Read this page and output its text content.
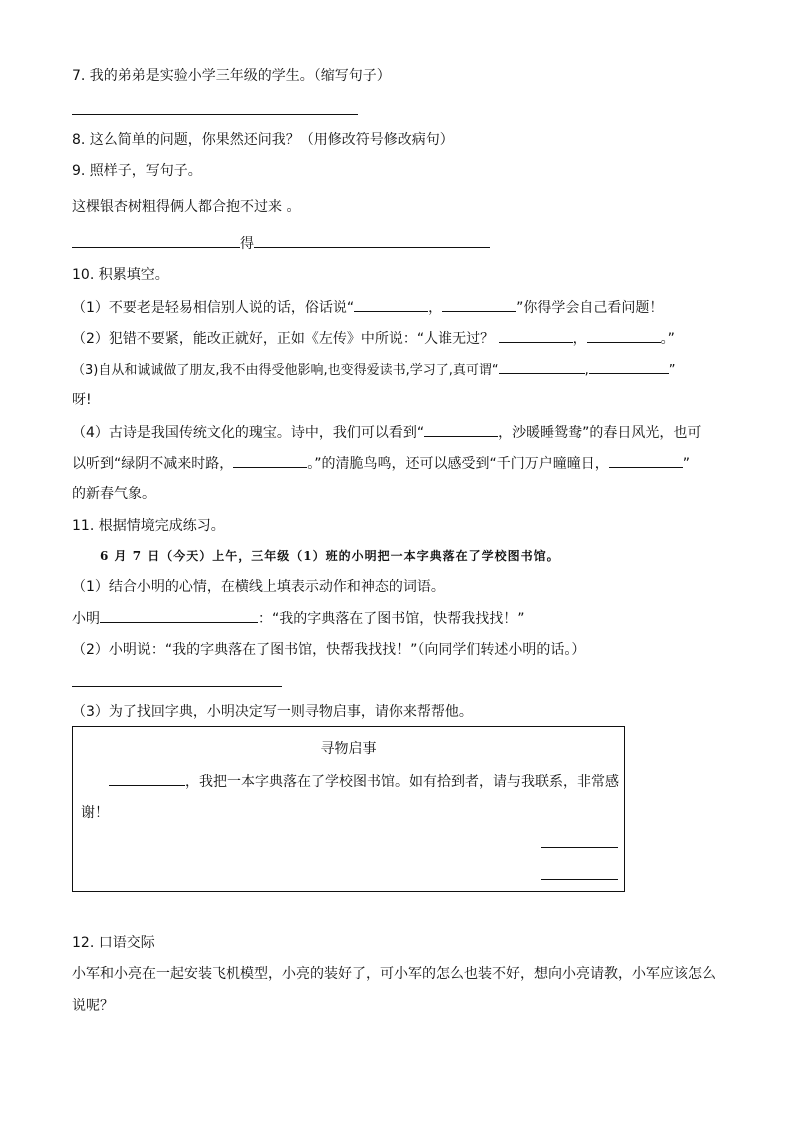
7. 我的弟弟是实验小学三年级的学生。（缩写句子）
8. 这么简单的问题，你果然还问我？（用修改符号修改病句）
9. 照样子，写句子。
这棵银杏树粗得俩人都合抱不过来 。
得
10. 积累填空。
（1）不要老是轻易相信别人说的话，俗话说“	，	”你得学会自己看问题！
（2）犯错不要紧，能改正就好，正如《左传》中所说：“人谁无过？	，	。”
（3)自从和诚诚做了朋友,我不由得受他影响,也变得爱读书,学习了,真可谓“	,	”
呀!
（4）古诗是我国传统文化的瑰宝。诗中，我们可以看到“	，沙暖睡鸳鸯”的春日风光，也可
以听到“绿阴不减来时路，	。”的清脆鸟鸣，还可以感受到“千门万户曈曈日，	”
的新春气象。
11. 根据情境完成练习。
6 月 7 日（今天）上午，三年级（1）班的小明把一本字典落在了学校图书馆。
（1）结合小明的心情，在横线上填表示动作和神态的词语。
小明	：“我的字典落在了图书馆，快帮我找找！”
（2）小明说：“我的字典落在了图书馆，快帮我找找！”（向同学们转述小明的话。）
（3）为了找回字典，小明决定写一则寻物启事，请你来帮帮他。
寻物启事
，我把一本字典落在了学校图书馆。如有拾到者，请与我联系，非常感
谢！
12. 口语交际
小军和小亮在一起安装飞机模型，小亮的装好了，可小军的怎么也装不好，想向小亮请教，小军应该怎么
说呢？
